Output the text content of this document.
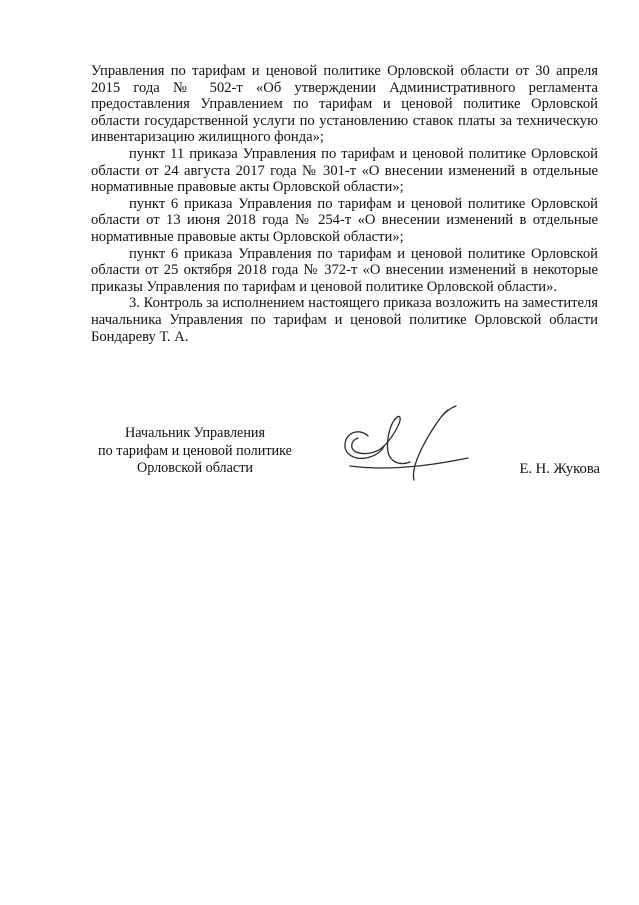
Управления по тарифам и ценовой политике Орловской области от 30 апреля 2015 года № 502-т «Об утверждении Административного регламента предоставления Управлением по тарифам и ценовой политике Орловской области государственной услуги по установлению ставок платы за техническую инвентаризацию жилищного фонда»;

пункт 11 приказа Управления по тарифам и ценовой политике Орловской области от 24 августа 2017 года № 301-т «О внесении изменений в отдельные нормативные правовые акты Орловской области»;

пункт 6 приказа Управления по тарифам и ценовой политике Орловской области от 13 июня 2018 года № 254-т «О внесении изменений в отдельные нормативные правовые акты Орловской области»;

пункт 6 приказа Управления по тарифам и ценовой политике Орловской области от 25 октября 2018 года № 372-т «О внесении изменений в некоторые приказы Управления по тарифам и ценовой политике Орловской области».

3. Контроль за исполнением настоящего приказа возложить на заместителя начальника Управления по тарифам и ценовой политике Орловской области Бондареву Т. А.

Начальник Управления
по тарифам и ценовой политике
Орловской области	Е. Н. Жукова
